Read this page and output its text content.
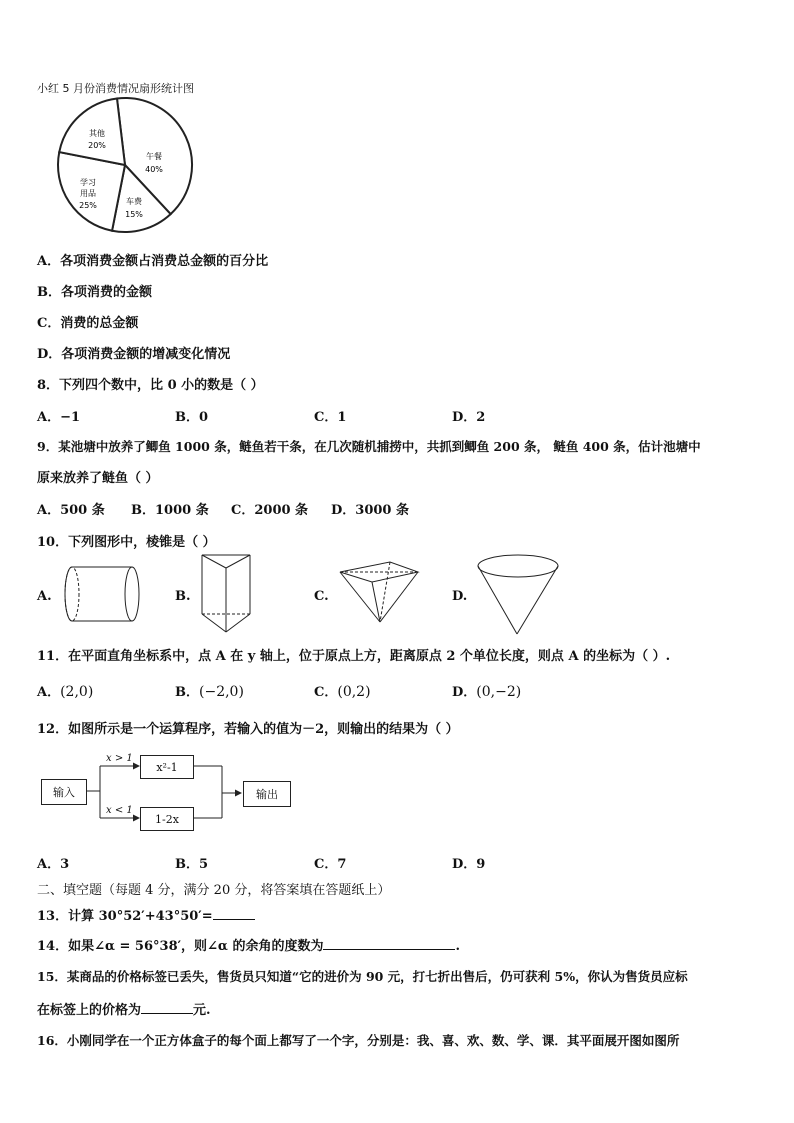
小红 5 月份消费情况扇形统计图
午餐
40%
车费
15%
学习
用品
25%
其他
20%
A．各项消费金额占消费总金额的百分比
B．各项消费的金额
C．消费的总金额
D．各项消费金额的增减变化情况
8．下列四个数中，比 0 小的数是（ ）
A．−1	B．0	C．1	D．2
9．某池塘中放养了鲫鱼 1000 条，鲢鱼若干条，在几次随机捕捞中，共抓到鲫鱼 200 条， 鲢鱼 400 条，估计池塘中
原来放养了鲢鱼（ ）
A．500 条 B．1000 条 C．2000 条 D．3000 条
10．下列图形中，棱锥是（ ）
A.	B.	C.	D.
11．在平面直角坐标系中，点 A 在 y 轴上，位于原点上方，距离原点 2 个单位长度，则点 A 的坐标为（ ）.
A．(2,0)	B．(−2,0)	C．(0,2)	D．(0,−2)
12．如图所示是一个运算程序，若输入的值为－2，则输出的结果为（ ）
输入
x > 1
x < 1
x²-1
1-2x
输出
A．3	B．5	C．7	D．9
二、填空题（每题 4 分，满分 20 分，将答案填在答题纸上）
13．计算 30°52′+43°50′=
14．如果∠α = 56°38′，则∠α 的余角的度数为	.
15．某商品的价格标签已丢失，售货员只知道“它的进价为 90 元，打七折出售后，仍可获利 5%，你认为售货员应标
在标签上的价格为	元.
16．小刚同学在一个正方体盒子的每个面上都写了一个字，分别是：我、喜、欢、数、学、课．其平面展开图如图所
